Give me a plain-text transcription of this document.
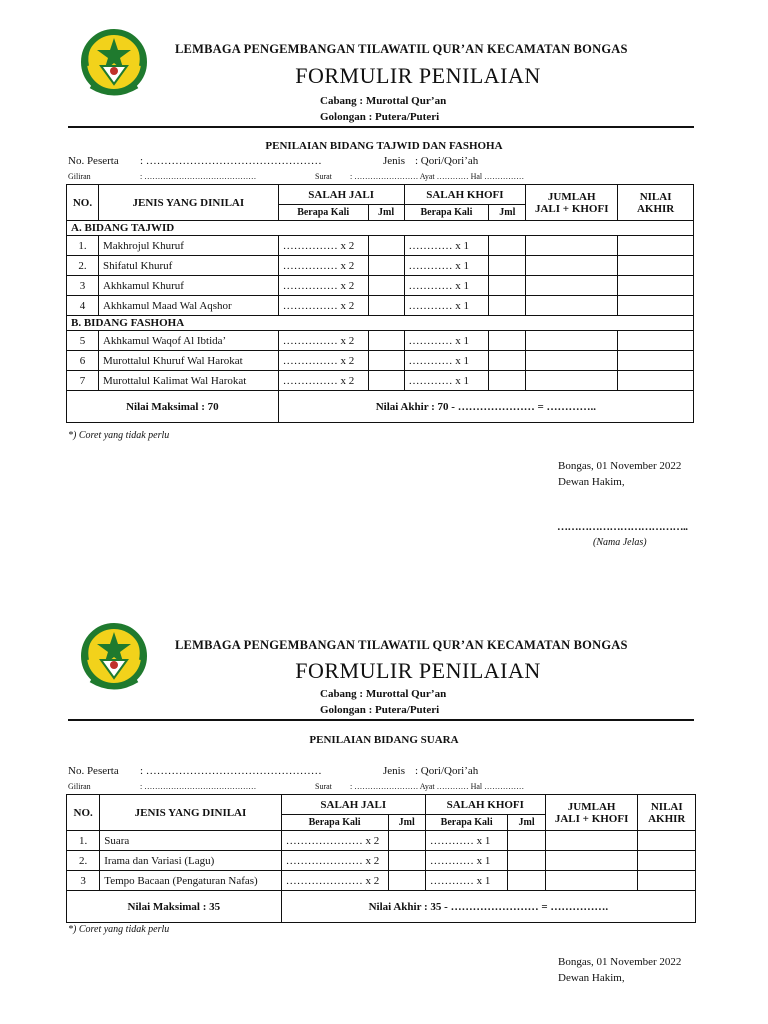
LEMBAGA PENGEMBANGAN TILAWATIL QUR’AN KECAMATAN BONGAS
FORMULIR PENILAIAN
Cabang : Murottal Qur’an
Golongan : Putera/Puteri
PENILAIAN BIDANG TAJWID DAN FASHOHA
No. Peserta : …………………………………………	Jenis : Qori/Qori’ah
Giliran	: ……………………………………	Surat : …………………… Ayat ………… Hal ……………
NO.	JENIS YANG DINILAI	SALAH JALI		SALAH KHOFI		JUMLAH
JALI + KHOFI	NILAI
AKHIR
		Berapa Kali	Jml	Berapa Kali	Jml		
A. BIDANG TAJWID							
1.	Makhrojul Khuruf	…………… x 2		………… x 1			
2.	Shifatul Khuruf	…………… x 2		………… x 1			
3	Akhkamul Khuruf	…………… x 2		………… x 1			
4	Akhkamul Maad Wal Aqshor	…………… x 2		………… x 1			
B. BIDANG FASHOHA							
5	Akhkamul Waqof Al Ibtida’	…………… x 2		………… x 1			
6	Murottalul Khuruf Wal Harokat	…………… x 2		………… x 1			
7	Murottalul Kalimat Wal Harokat	…………… x 2		………… x 1			
Nilai Maksimal : 70		Nilai Akhir : 70 - ………………… = …………..					
*) Coret yang tidak perlu
Bongas, 01 November 2022
Dewan Hakim,
………………………………..
(Nama Jelas)
LEMBAGA PENGEMBANGAN TILAWATIL QUR’AN KECAMATAN BONGAS
FORMULIR PENILAIAN
Cabang : Murottal Qur’an
Golongan : Putera/Puteri
PENILAIAN BIDANG SUARA
No. Peserta : …………………………………………	Jenis : Qori/Qori’ah
Giliran	: ……………………………………	Surat : …………………… Ayat ………… Hal ……………
NO.	JENIS YANG DINILAI	SALAH JALI		SALAH KHOFI		JUMLAH
JALI + KHOFI	NILAI
AKHIR
		Berapa Kali	Jml	Berapa Kali	Jml		
1.	Suara	………………… x 2		………… x 1			
2.	Irama dan Variasi (Lagu)	………………… x 2		………… x 1			
3	Tempo Bacaan (Pengaturan Nafas)	………………… x 2		………… x 1			
Nilai Maksimal : 35		Nilai Akhir : 35 - …………………… = …………….					
*) Coret yang tidak perlu
Bongas, 01 November 2022
Dewan Hakim,
